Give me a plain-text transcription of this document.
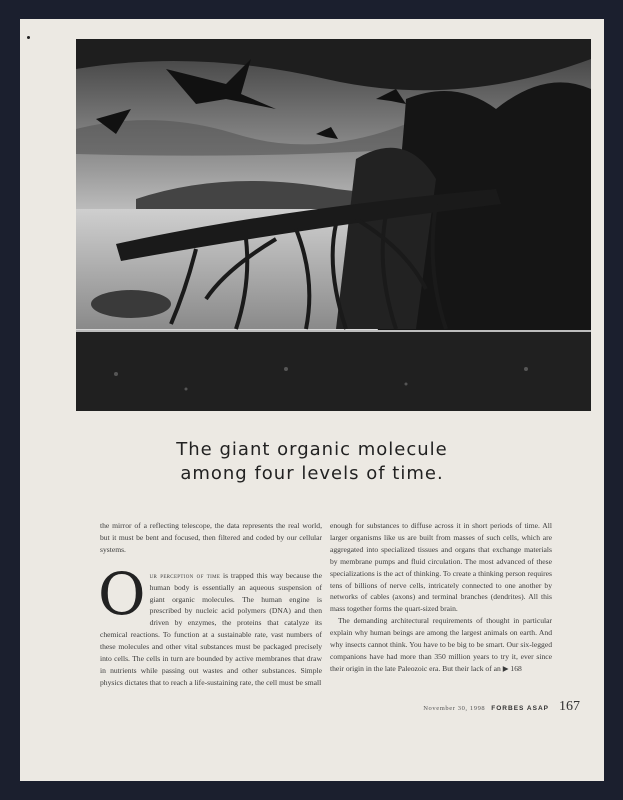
The giant organic molecule
among four levels of time.

the mirror of a reflecting telescope, the data represents the real world, but it must be bent and focused, then filtered and coded by our cellular systems.

Our perception of time is trapped this way because the human body is essentially an aqueous suspension of giant organic molecules. The human engine is prescribed by nucleic acid polymers (DNA) and then driven by enzymes, the proteins that catalyze its chemical reactions. To function at a sustainable rate, vast numbers of these molecules and other vital substances must be packaged precisely into cells. The cells in turn are bounded by active membranes that draw in nutrients while passing out wastes and other substances. Simple physics dictates that to reach a life-sustaining rate, the cell must be small

enough for substances to diffuse across it in short periods of time. All larger organisms like us are built from masses of such cells, which are aggregated into specialized tissues and organs that exchange materials by membrane pumps and fluid circulation. The most advanced of these specializations is the act of thinking. To create a thinking person requires tens of billions of nerve cells, intricately connected to one another by networks of cables (axons) and terminal branches (dendrites). All this mass together forms the quart-sized brain.

The demanding architectural requirements of thought in particular explain why human beings are among the largest animals on earth. And why insects cannot think. You have to be big to be smart. Our six-legged companions have had more than 350 million years to try it, ever since their origin in the late Paleozoic era. But their lack of an ▶ 168

November 30, 1998 FORBES ASAP 167
